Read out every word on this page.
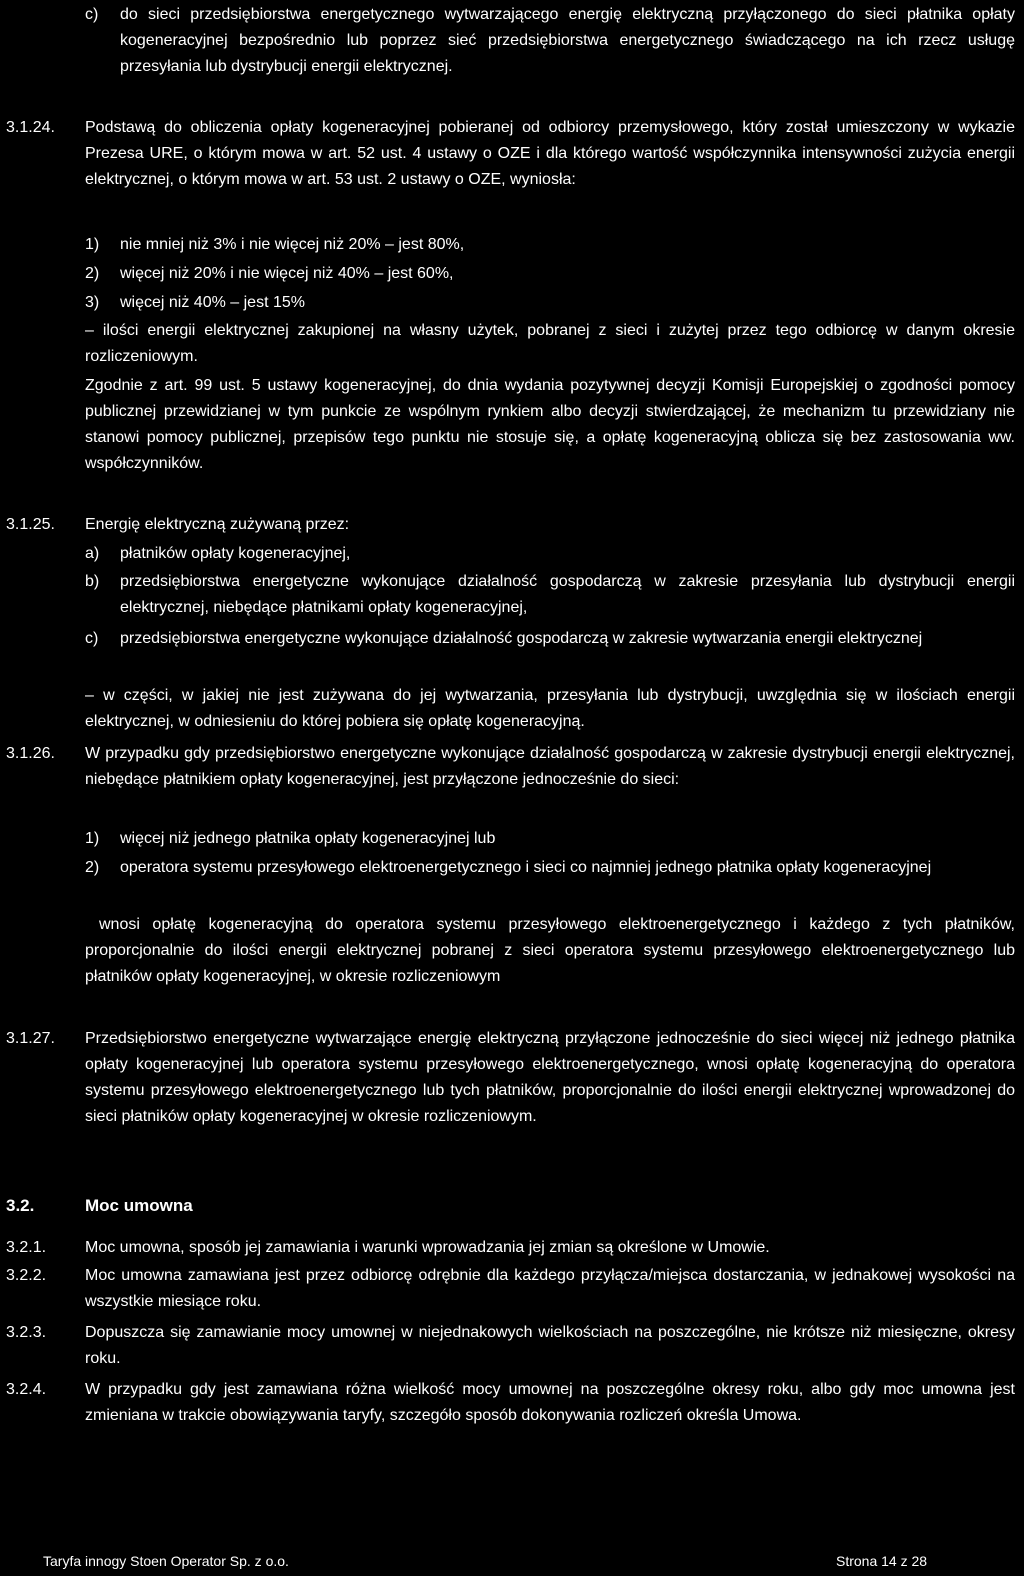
c) do sieci przedsiębiorstwa energetycznego wytwarzającego energię elektryczną przyłączonego do sieci płatnika opłaty kogeneracyjnej bezpośrednio lub poprzez sieć przedsiębiorstwa energetycznego świadczącego na ich rzecz usługę przesyłania lub dystrybucji energii elektrycznej.

3.1.24. Podstawą do obliczenia opłaty kogeneracyjnej pobieranej od odbiorcy przemysłowego, który został umieszczony w wykazie Prezesa URE, o którym mowa w art. 52 ust. 4 ustawy o OZE i dla którego wartość współczynnika intensywności zużycia energii elektrycznej, o którym mowa w art. 53 ust. 2 ustawy o OZE, wyniosła:

1) nie mniej niż 3% i nie więcej niż 20% – jest 80%,

2) więcej niż 20% i nie więcej niż 40% – jest 60%,

3) więcej niż 40% – jest 15%

– ilości energii elektrycznej zakupionej na własny użytek, pobranej z sieci i zużytej przez tego odbiorcę w danym okresie rozliczeniowym.

Zgodnie z art. 99 ust. 5 ustawy kogeneracyjnej, do dnia wydania pozytywnej decyzji Komisji Europejskiej o zgodności pomocy publicznej przewidzianej w tym punkcie ze wspólnym rynkiem albo decyzji stwierdzającej, że mechanizm tu przewidziany nie stanowi pomocy publicznej, przepisów tego punktu nie stosuje się, a opłatę kogeneracyjną oblicza się bez zastosowania ww. współczynników.

3.1.25. Energię elektryczną zużywaną przez:

a) płatników opłaty kogeneracyjnej,

b) przedsiębiorstwa energetyczne wykonujące działalność gospodarczą w zakresie przesyłania lub dystrybucji energii elektrycznej, niebędące płatnikami opłaty kogeneracyjnej,

c) przedsiębiorstwa energetyczne wykonujące działalność gospodarczą w zakresie wytwarzania energii elektrycznej

– w części, w jakiej nie jest zużywana do jej wytwarzania, przesyłania lub dystrybucji, uwzględnia się w ilościach energii elektrycznej, w odniesieniu do której pobiera się opłatę kogeneracyjną.

3.1.26. W przypadku gdy przedsiębiorstwo energetyczne wykonujące działalność gospodarczą w zakresie dystrybucji energii elektrycznej, niebędące płatnikiem opłaty kogeneracyjnej, jest przyłączone jednocześnie do sieci:

1) więcej niż jednego płatnika opłaty kogeneracyjnej lub

2) operatora systemu przesyłowego elektroenergetycznego i sieci co najmniej jednego płatnika opłaty kogeneracyjnej

wnosi opłatę kogeneracyjną do operatora systemu przesyłowego elektroenergetycznego i każdego z tych płatników, proporcjonalnie do ilości energii elektrycznej pobranej z sieci operatora systemu przesyłowego elektroenergetycznego lub płatników opłaty kogeneracyjnej, w okresie rozliczeniowym

3.1.27. Przedsiębiorstwo energetyczne wytwarzające energię elektryczną przyłączone jednocześnie do sieci więcej niż jednego płatnika opłaty kogeneracyjnej lub operatora systemu przesyłowego elektroenergetycznego, wnosi opłatę kogeneracyjną do operatora systemu przesyłowego elektroenergetycznego lub tych płatników, proporcjonalnie do ilości energii elektrycznej wprowadzonej do sieci płatników opłaty kogeneracyjnej w okresie rozliczeniowym.

3.2.	Moc umowna

3.2.1. Moc umowna, sposób jej zamawiania i warunki wprowadzania jej zmian są określone w Umowie.

3.2.2. Moc umowna zamawiana jest przez odbiorcę odrębnie dla każdego przyłącza/miejsca dostarczania, w jednakowej wysokości na wszystkie miesiące roku.

3.2.3. Dopuszcza się zamawianie mocy umownej w niejednakowych wielkościach na poszczególne, nie krótsze niż miesięczne, okresy roku.

3.2.4. W przypadku gdy jest zamawiana różna wielkość mocy umownej na poszczególne okresy roku, albo gdy moc umowna jest zmieniana w trakcie obowiązywania taryfy, szczegóło sposób dokonywania rozliczeń określa Umowa.

Taryfa innogy Stoen Operator Sp. z o.o.	Strona 14 z 28
